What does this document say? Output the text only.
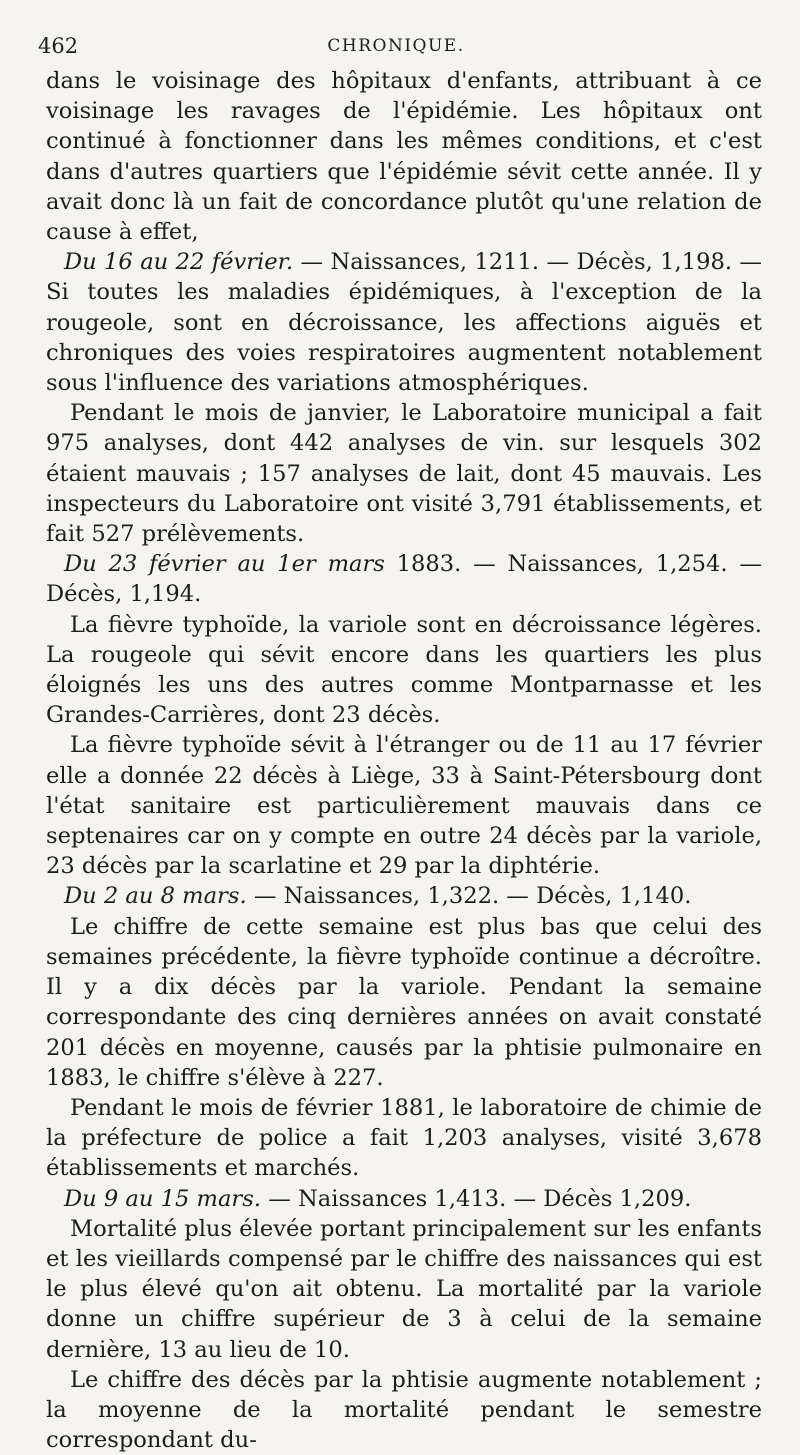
462	CHRONIQUE.

dans le voisinage des hôpitaux d'enfants, attribuant à ce voisinage les ravages de l'épidémie. Les hôpitaux ont continué à fonctionner dans les mêmes conditions, et c'est dans d'autres quartiers que l'épidémie sévit cette année. Il y avait donc là un fait de concordance plutôt qu'une relation de cause à effet,

Du 16 au 22 février. — Naissances, 1211. — Décès, 1,198. — Si toutes les maladies épidémiques, à l'exception de la rougeole, sont en décroissance, les affections aiguës et chroniques des voies respiratoires augmentent notablement sous l'influence des variations atmosphériques.

Pendant le mois de janvier, le Laboratoire municipal a fait 975 analyses, dont 442 analyses de vin. sur lesquels 302 étaient mauvais ; 157 analyses de lait, dont 45 mauvais. Les inspecteurs du Laboratoire ont visité 3,791 établissements, et fait 527 prélèvements.

Du 23 février au 1er mars 1883. — Naissances, 1,254. — Décès, 1,194.

La fièvre typhoïde, la variole sont en décroissance légères. La rougeole qui sévit encore dans les quartiers les plus éloignés les uns des autres comme Montparnasse et les Grandes-Carrières, dont 23 décès.

La fièvre typhoïde sévit à l'étranger ou de 11 au 17 février elle a donnée 22 décès à Liège, 33 à Saint-Pétersbourg dont l'état sanitaire est particulièrement mauvais dans ce septenaires car on y compte en outre 24 décès par la variole, 23 décès par la scarlatine et 29 par la diphtérie.

Du 2 au 8 mars. — Naissances, 1,322. — Décès, 1,140.

Le chiffre de cette semaine est plus bas que celui des semaines précédente, la fièvre typhoïde continue a décroître. Il y a dix décès par la variole. Pendant la semaine correspondante des cinq dernières années on avait constaté 201 décès en moyenne, causés par la phtisie pulmonaire en 1883, le chiffre s'élève à 227.

Pendant le mois de février 1881, le laboratoire de chimie de la préfecture de police a fait 1,203 analyses, visité 3,678 établissements et marchés.

Du 9 au 15 mars. — Naissances 1,413. — Décès 1,209.

Mortalité plus élevée portant principalement sur les enfants et les vieillards compensé par le chiffre des naissances qui est le plus élevé qu'on ait obtenu. La mortalité par la variole donne un chiffre supérieur de 3 à celui de la semaine dernière, 13 au lieu de 10.

Le chiffre des décès par la phtisie augmente notablement ; la moyenne de la mortalité pendant le semestre correspondant du-
